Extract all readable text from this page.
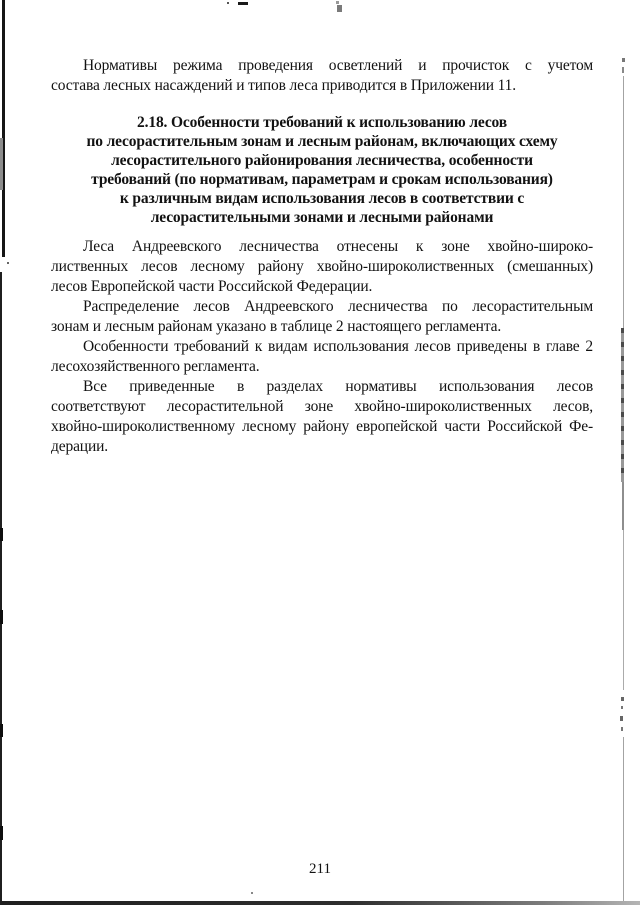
Нормативы режима проведения осветлений и прочисток с учетом
состава лесных насаждений и типов леса приводится в Приложении 11.
2.18. Особенности требований к использованию лесов
по лесорастительным зонам и лесным районам, включающих схему
лесорастительного районирования лесничества, особенности
требований (по нормативам, параметрам и срокам использования)
к различным видам использования лесов в соответствии с
лесорастительными зонами и лесными районами
Леса Андреевского лесничества отнесены к зоне хвойно-широко-
лиственных лесов лесному району хвойно-широколиственных (смешанных)
лесов Европейской части Российской Федерации.
Распределение лесов Андреевского лесничества по лесорастительным
зонам и лесным районам указано в таблице 2 настоящего регламента.
Особенности требований к видам использования лесов приведены в главе 2
лесохозяйственного регламента.
Все приведенные в разделах нормативы использования лесов
соответствуют лесорастительной зоне хвойно-широколиственных лесов,
хвойно-широколиственному лесному району европейской части Российской Фе-
дерации.
211
